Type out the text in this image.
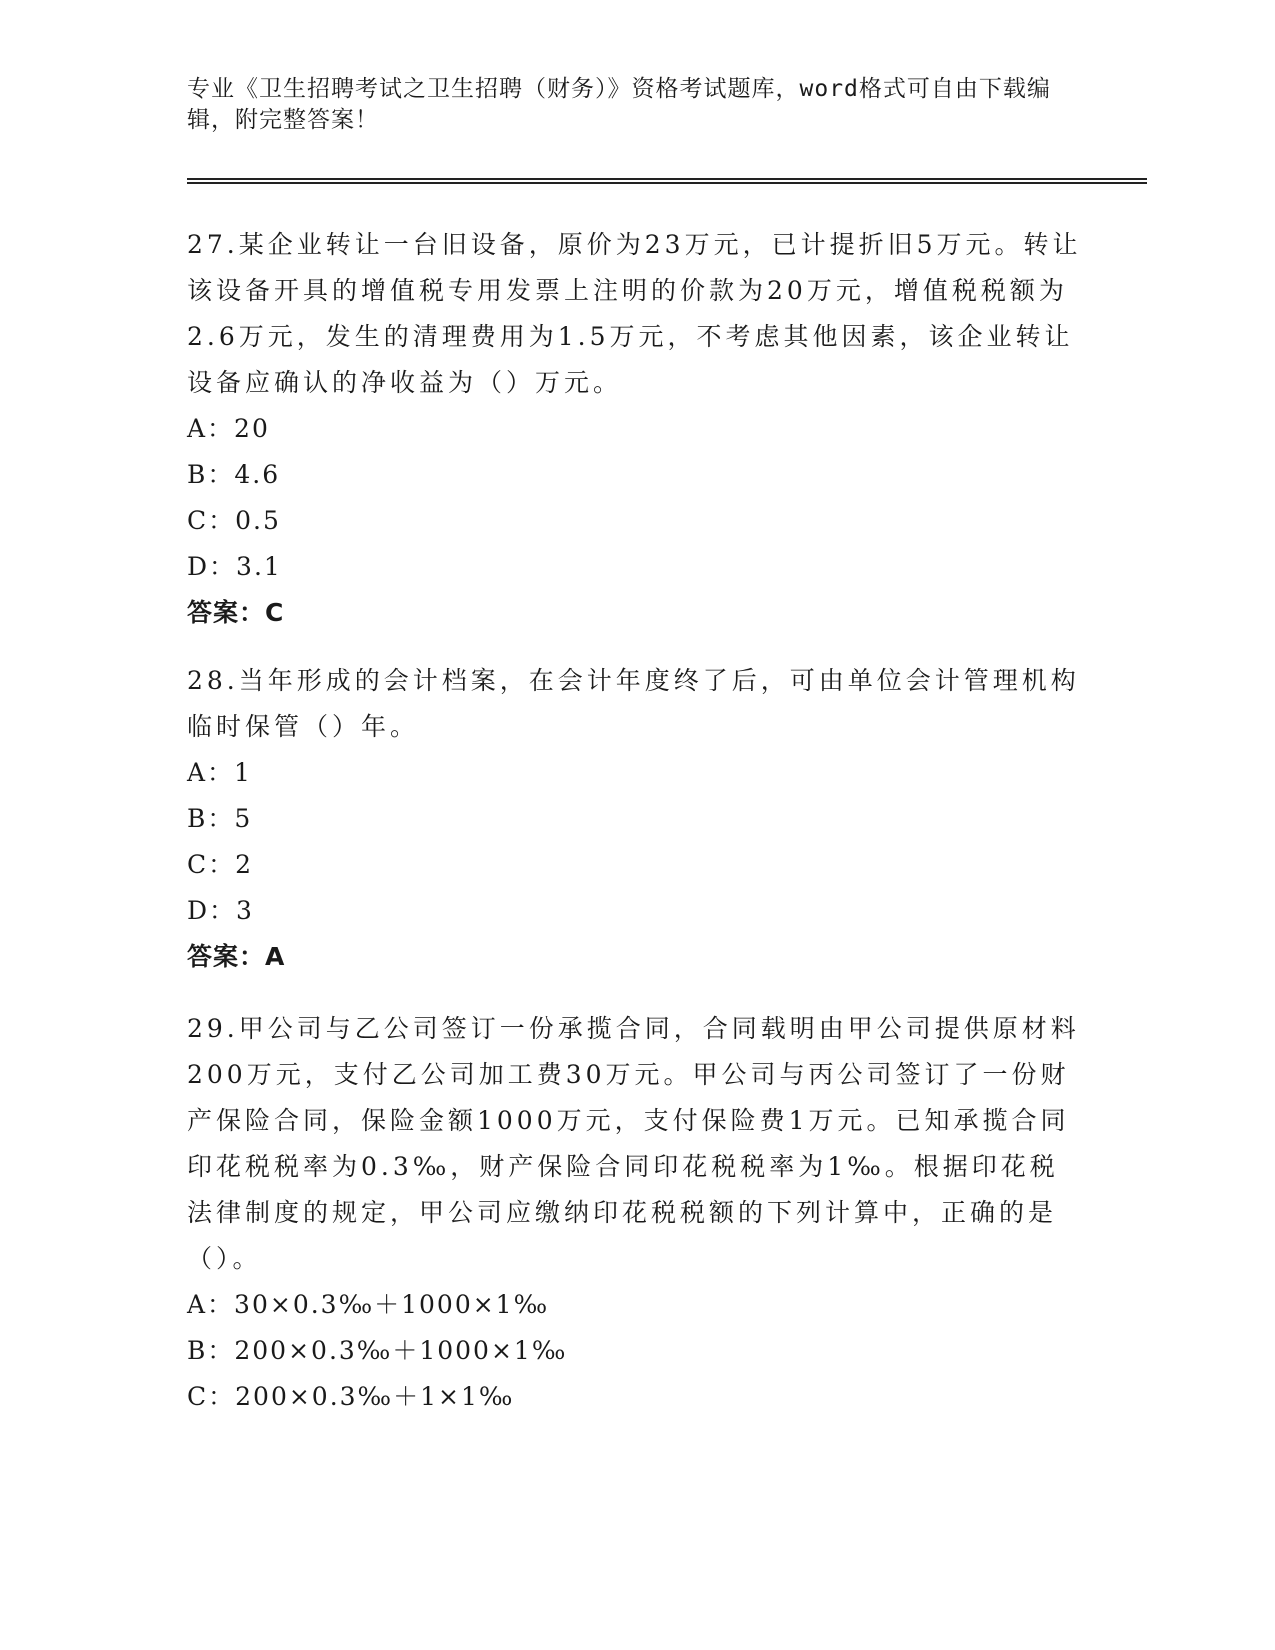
专业《卫生招聘考试之卫生招聘（财务）》资格考试题库，word格式可自由下载编辑，附完整答案！

27.某企业转让一台旧设备，原价为23万元，已计提折旧5万元。转让该设备开具的增值税专用发票上注明的价款为20万元，增值税税额为2.6万元，发生的清理费用为1.5万元，不考虑其他因素，该企业转让设备应确认的净收益为（）万元。

A：20

B：4.6

C：0.5

D：3.1

答案：C

28.当年形成的会计档案，在会计年度终了后，可由单位会计管理机构临时保管（）年。

A：1

B：5

C：2

D：3

答案：A

29.甲公司与乙公司签订一份承揽合同，合同载明由甲公司提供原材料200万元，支付乙公司加工费30万元。甲公司与丙公司签订了一份财产保险合同，保险金额1000万元，支付保险费1万元。已知承揽合同印花税税率为0.3‰，财产保险合同印花税税率为1‰。根据印花税法律制度的规定，甲公司应缴纳印花税税额的下列计算中，正确的是（）。

A：30×0.3‰＋1000×1‰

B：200×0.3‰＋1000×1‰

C：200×0.3‰＋1×1‰
